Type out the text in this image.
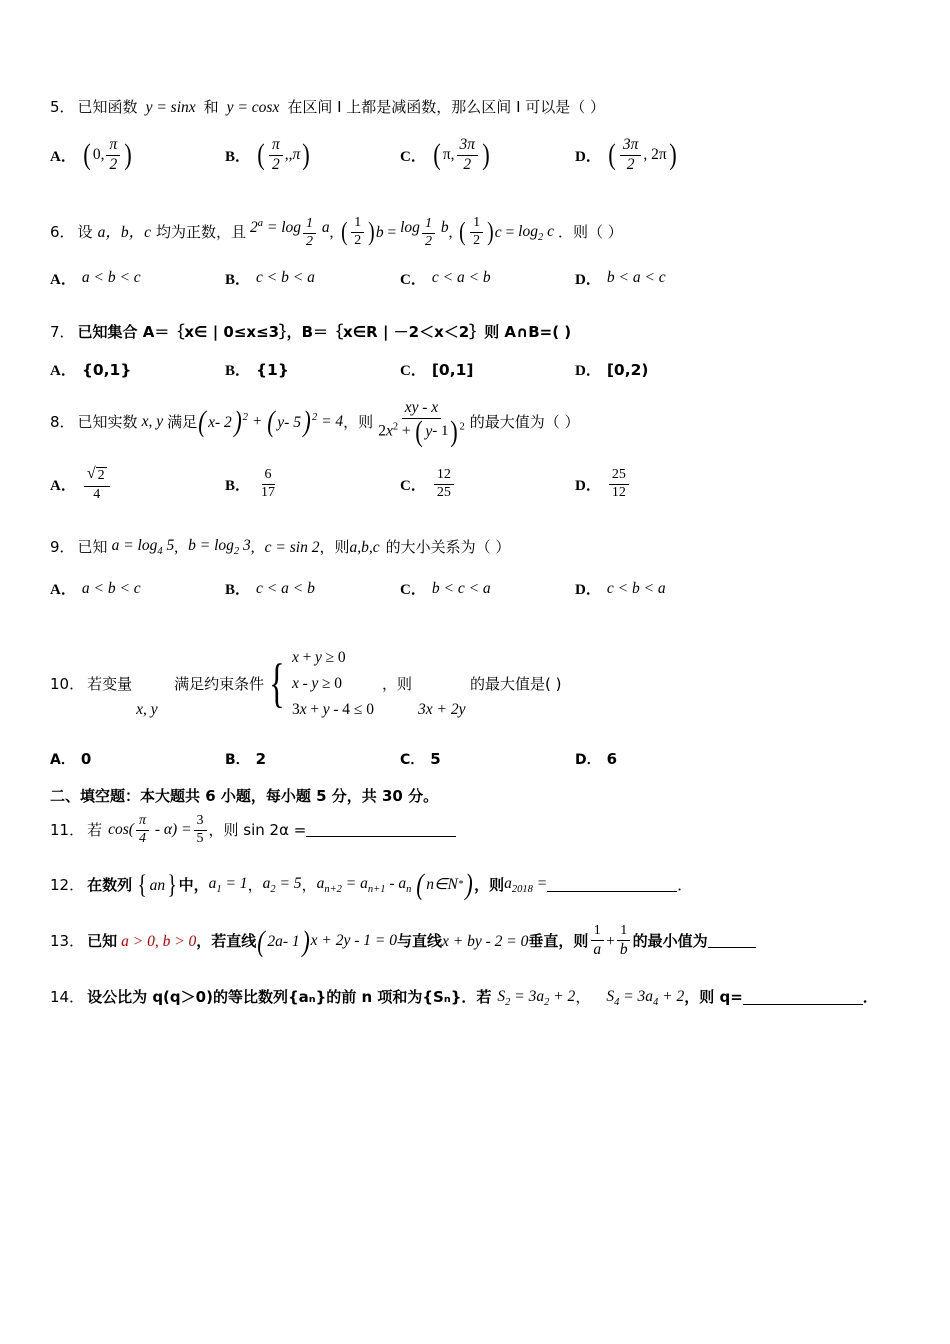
5． 已知函数 y = sinx 和 y = cosx 在区间 I 上都是减函数，那么区间 I 可以是（ ）
A． ( 0, $\frac{\pi}{2}$ )	B． ( $\frac{\pi}{2}$ , ,π )	C． ( π, $\frac{3\pi}{2}$ )	D． ( $\frac{3\pi}{2}$ , 2π )
6． 设 a，b，c 均为正数，且 $2^a = \log _{\frac{1}{2}}$ a , ( $\frac{1}{2}$ ) b = log $_{\frac{1}{2}}$ b , ( $\frac{1}{2}$ ) $c = \log_2 c$ ．则（ ）
A． a < b < c	B． c < b < a	C． c < a < b	D． b < a < c
7． 已知集合 A＝｛x∈ | 0≤x≤3｝，B＝｛x∈R | －2＜x＜2｝则 A∩B=( )
A． {0,1}	B． {1}	C． [0,1]	D． [0,2)
8． 已知实数 x, y 满足 ( x - 2 ) $^2$ + ( y - 5 ) $^2$ = 4 ，则 $\frac{xy - x}{2x^2 + ( y - 1 ) ^2}$ 的最大值为（ ）
A． $\frac{√ 2}{4}$	B． $\frac{6}{17}$	C． $\frac{12}{25}$	D． $\frac{25}{12}$
9． 已知 $a = \log_4 5$ , $b = \log_2 3$ , c = sin 2 ，则 a,b,c 的大小关系为（ ）
A． a < b < c	B． c < a < b	C． b < c < a	D． c < b < a
10． 若变量
x, y
满足约束条件 { x + y ≥ 0
x - y ≥ 0
3x + y - 4 ≤ 0
，则
3x + 2y
的最大值是( )
A． 0	B． 2	C． 5	D． 6
二、填空题：本大题共 6 小题，每小题 5 分，共 30 分。
11． 若 $\cos( \frac{\pi}{4} - \alpha) = \frac{3}{5}$ ，则 sin 2α =
12． 在数列 { a n } 中， $a_1 = 1$ ， $a_2 = 5$ ， $a_{n+2} = a_{n+1} - a_n$ ( n ∈ N * ) ，则 $a_{2018}$ =	．
13． 已知 a > 0, b > 0 ，若直线 ( 2 a - 1 ) x + 2y - 1 = 0 与直线 x + by - 2 = 0 垂直，则 $\frac{1}{a} + \frac{1}{b}$ 的最小值为
14． 设公比为 q(q＞0)的等比数列{aₙ}的前 n 项和为{Sₙ}．若 $S_2 = 3a_2 + 2$ ， $S_4 = 3a_4 + 2$ ，则 q=	．
